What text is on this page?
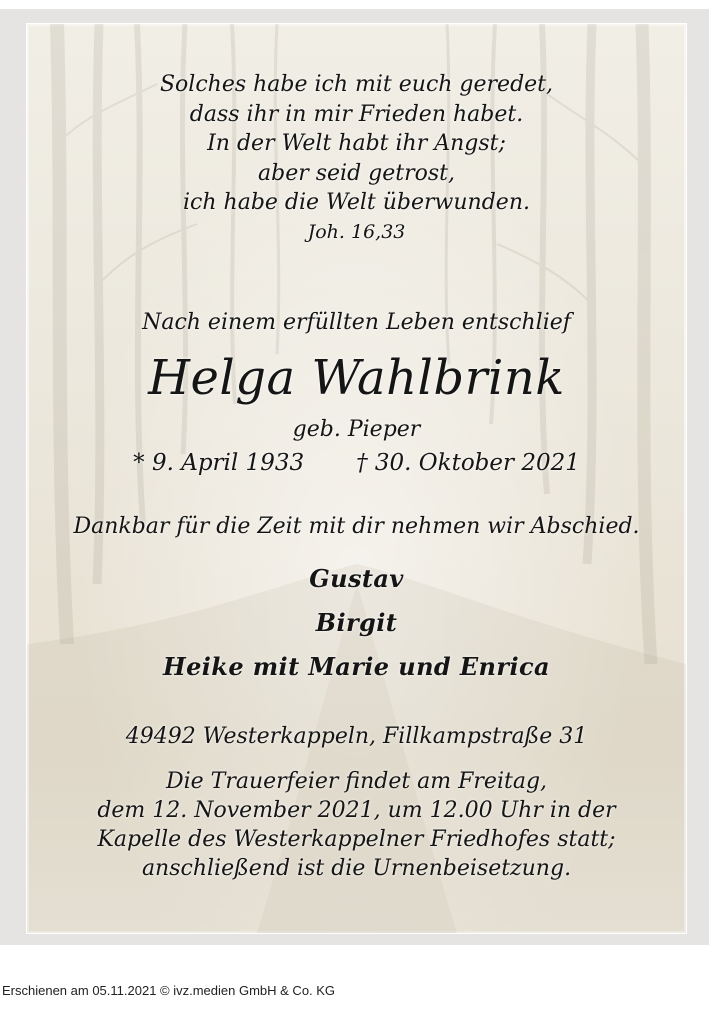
Solches habe ich mit euch geredet,
dass ihr in mir Frieden habet.
In der Welt habt ihr Angst;
aber seid getrost,
ich habe die Welt überwunden.
Joh. 16,33
Nach einem erfüllten Leben entschlief
Helga Wahlbrink
geb. Pieper
* 9. April 1933 † 30. Oktober 2021
Dankbar für die Zeit mit dir nehmen wir Abschied.
Gustav
Birgit
Heike mit Marie und Enrica
49492 Westerkappeln, Fillkampstraße 31
Die Trauerfeier findet am Freitag,
dem 12. November 2021, um 12.00 Uhr in der
Kapelle des Westerkappelner Friedhofes statt;
anschließend ist die Urnenbeisetzung.
Erschienen am 05.11.2021 © ivz.medien GmbH & Co. KG
